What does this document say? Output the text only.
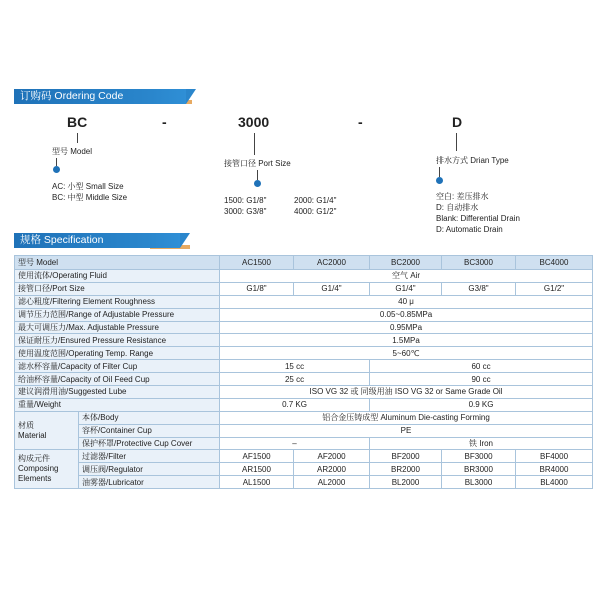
订购码 Ordering Code
BC	-	3000	-	D
型号 Model
AC: 小型 Small Size
BC: 中型 Middle Size
接管口径 Port Size
1500: G1/8"
3000: G3/8"
2000: G1/4"
4000: G1/2"
排水方式 Drian Type
空白: 差压排水
D: 自动排水
Blank: Differential Drain
D: Automatic Drain
规格 Specification
型号 Model		AC1500	AC2000	BC2000	BC3000	BC4000
使用流体/Operating Fluid		空气 Air				
接管口径/Port Size		G1/8"	G1/4"	G1/4"	G3/8"	G1/2"
滤心粗度/Filtering Element Roughness		40 μ				
调节压力范围/Range of Adjustable Pressure		0.05~0.85MPa				
最大可调压力/Max. Adjustable Pressure		0.95MPa				
保证耐压力/Ensured Pressure Resistance		1.5MPa				
使用温度范围/Operating Temp. Range		5~60℃				
滤水杯容量/Capacity of Filter Cup		15 cc		60 cc		
给油杯容量/Capacity of Oil Feed Cup		25 cc		90 cc		
建议润滑用油/Suggested Lube		ISO VG 32 或 同级用油 ISO VG 32 or Same Grade Oil				
重量/Weight		0.7 KG		0.9 KG		

材质
Material	本体/Body	铝合金压铸成型 Aluminum Die-casting Forming				
	容杯/Container Cup	PE				
	保护杯罩/Protective Cup Cover	–		铁 Iron		

构成元件
Composing
Elements	过滤器/Filter	AF1500	AF2000	BF2000	BF3000	BF4000
	调压阀/Regulator	AR1500	AR2000	BR2000	BR3000	BR4000
	油雾器/Lubricator	AL1500	AL2000	BL2000	BL3000	BL4000
